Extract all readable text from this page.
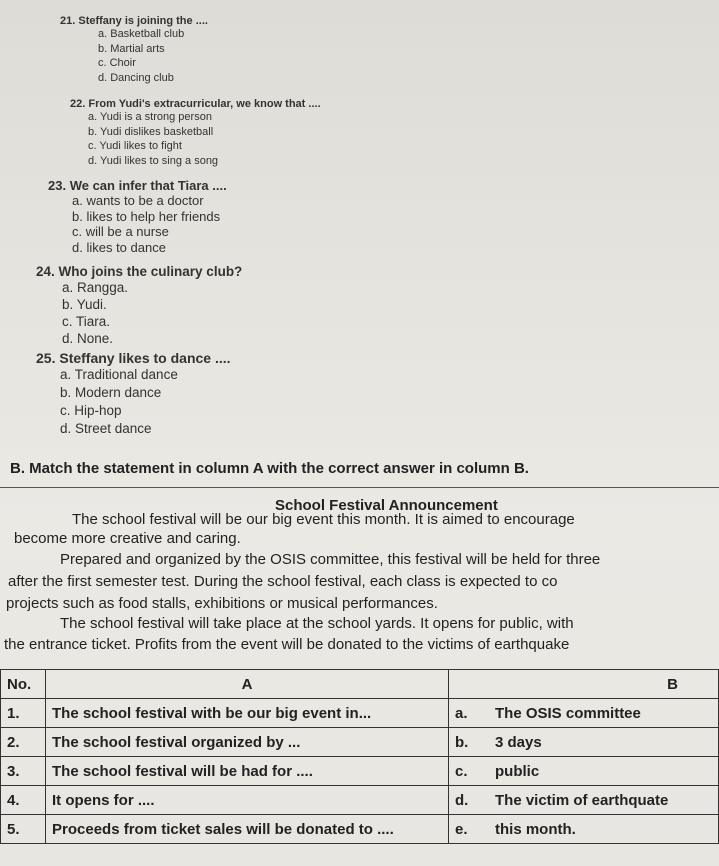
21. Steffany is joining the ....
a. Basketball club
b. Martial arts
c. Choir
d. Dancing club
22. From Yudi's extracurricular, we know that ....
a. Yudi is a strong person
b. Yudi dislikes basketball
c. Yudi likes to fight
d. Yudi likes to sing a song
23. We can infer that Tiara ....
a. wants to be a doctor
b. likes to help her friends
c. will be a nurse
d. likes to dance
24. Who joins the culinary club?
a. Rangga.
b. Yudi.
c. Tiara.
d. None.
25. Steffany likes to dance ....
a. Traditional dance
b. Modern dance
c. Hip-hop
d. Street dance
B. Match the statement in column A with the correct answer in column B.
School Festival Announcement
The school festival will be our big event this month. It is aimed to encourage
become more creative and caring.
Prepared and organized by the OSIS committee, this festival will be held for three
after the first semester test. During the school festival, each class is expected to co
projects such as food stalls, exhibitions or musical performances.
The school festival will take place at the school yards. It opens for public, with
the entrance ticket. Profits from the event will be donated to the victims of earthquake
No.	A	B
1.	The school festival with be our big event in...	a. The OSIS committee
2.	The school festival organized by ...	b. 3 days
3.	The school festival will be had for ....	c. public
4.	It opens for ....	d. The victim of earthquate
5.	Proceeds from ticket sales will be donated to ....	e. this month.
